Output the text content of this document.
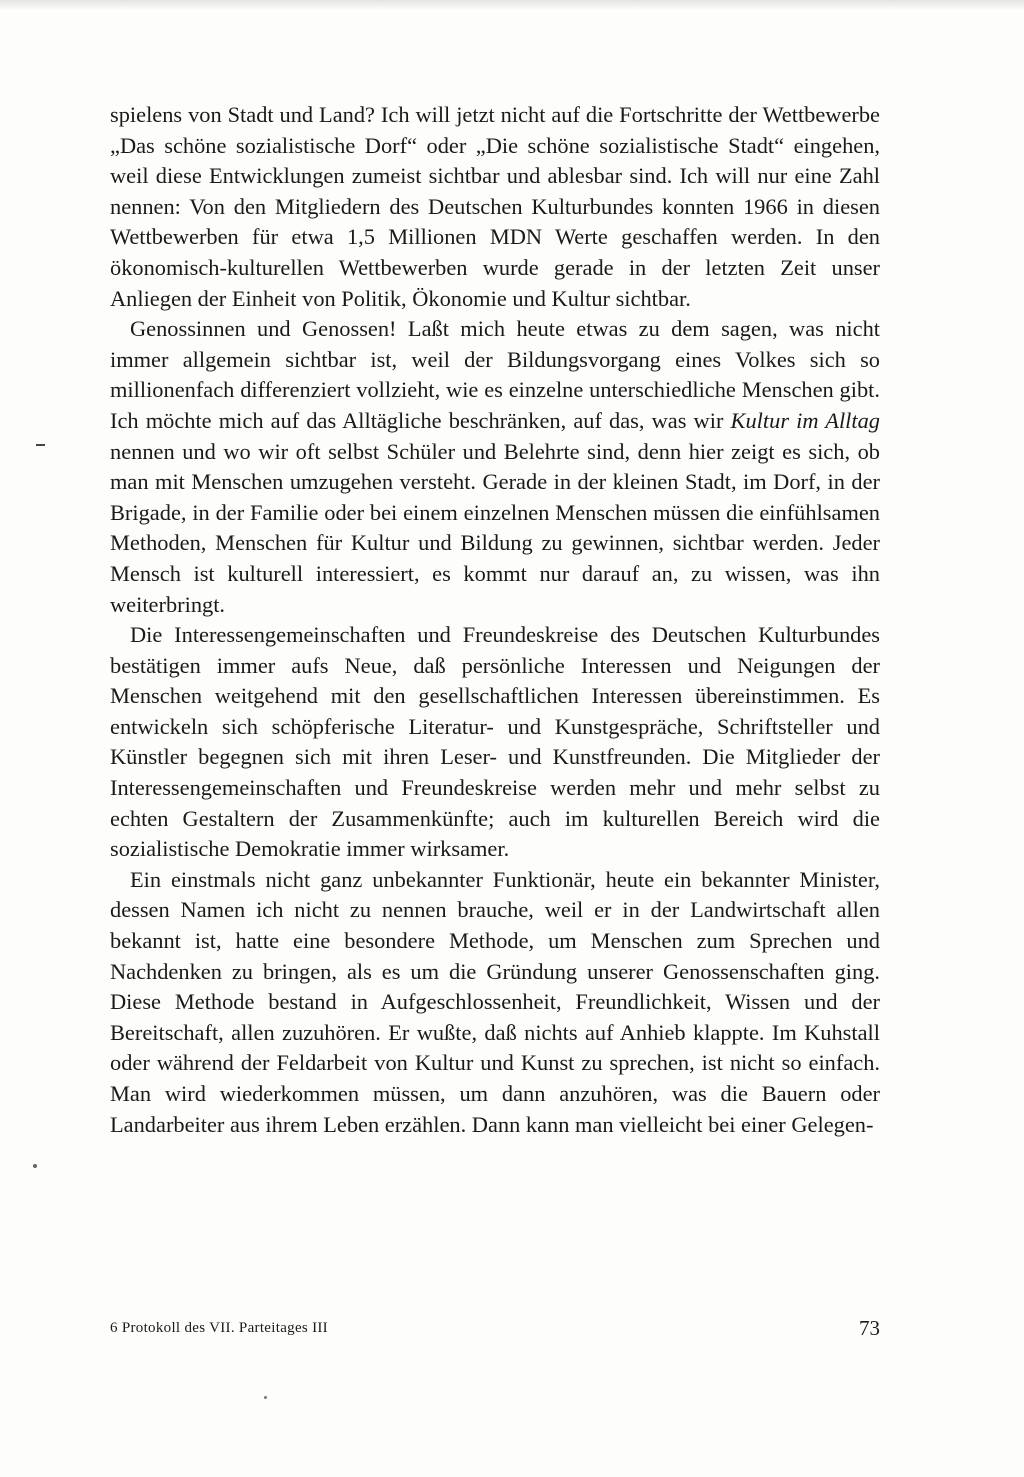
spielens von Stadt und Land? Ich will jetzt nicht auf die Fortschritte der Wettbewerbe „Das schöne sozialistische Dorf“ oder „Die schöne sozialistische Stadt“ eingehen, weil diese Entwicklungen zumeist sichtbar und ablesbar sind. Ich will nur eine Zahl nennen: Von den Mitgliedern des Deutschen Kulturbundes konnten 1966 in diesen Wettbewerben für etwa 1,5 Millionen MDN Werte geschaffen werden. In den ökonomisch-kulturellen Wettbewerben wurde gerade in der letzten Zeit unser Anliegen der Einheit von Politik, Ökonomie und Kultur sichtbar.

Genossinnen und Genossen! Laßt mich heute etwas zu dem sagen, was nicht immer allgemein sichtbar ist, weil der Bildungsvorgang eines Volkes sich so millionenfach differenziert vollzieht, wie es einzelne unterschiedliche Menschen gibt. Ich möchte mich auf das Alltägliche beschränken, auf das, was wir Kultur im Alltag nennen und wo wir oft selbst Schüler und Belehrte sind, denn hier zeigt es sich, ob man mit Menschen umzugehen versteht. Gerade in der kleinen Stadt, im Dorf, in der Brigade, in der Familie oder bei einem einzelnen Menschen müssen die einfühlsamen Methoden, Menschen für Kultur und Bildung zu gewinnen, sichtbar werden. Jeder Mensch ist kulturell interessiert, es kommt nur darauf an, zu wissen, was ihn weiterbringt.

Die Interessengemeinschaften und Freundeskreise des Deutschen Kulturbundes bestätigen immer aufs Neue, daß persönliche Interessen und Neigungen der Menschen weitgehend mit den gesellschaftlichen Interessen übereinstimmen. Es entwickeln sich schöpferische Literatur- und Kunstgespräche, Schriftsteller und Künstler begegnen sich mit ihren Leser- und Kunstfreunden. Die Mitglieder der Interessengemeinschaften und Freundeskreise werden mehr und mehr selbst zu echten Gestaltern der Zusammenkünfte; auch im kulturellen Bereich wird die sozialistische Demokratie immer wirksamer.

Ein einstmals nicht ganz unbekannter Funktionär, heute ein bekannter Minister, dessen Namen ich nicht zu nennen brauche, weil er in der Landwirtschaft allen bekannt ist, hatte eine besondere Methode, um Menschen zum Sprechen und Nachdenken zu bringen, als es um die Gründung unserer Genossenschaften ging. Diese Methode bestand in Aufgeschlossenheit, Freundlichkeit, Wissen und der Bereitschaft, allen zuzuhören. Er wußte, daß nichts auf Anhieb klappte. Im Kuhstall oder während der Feldarbeit von Kultur und Kunst zu sprechen, ist nicht so einfach. Man wird wiederkommen müssen, um dann anzuhören, was die Bauern oder Landarbeiter aus ihrem Leben erzählen. Dann kann man vielleicht bei einer Gelegen-

6 Protokoll des VII. Parteitages III	73
